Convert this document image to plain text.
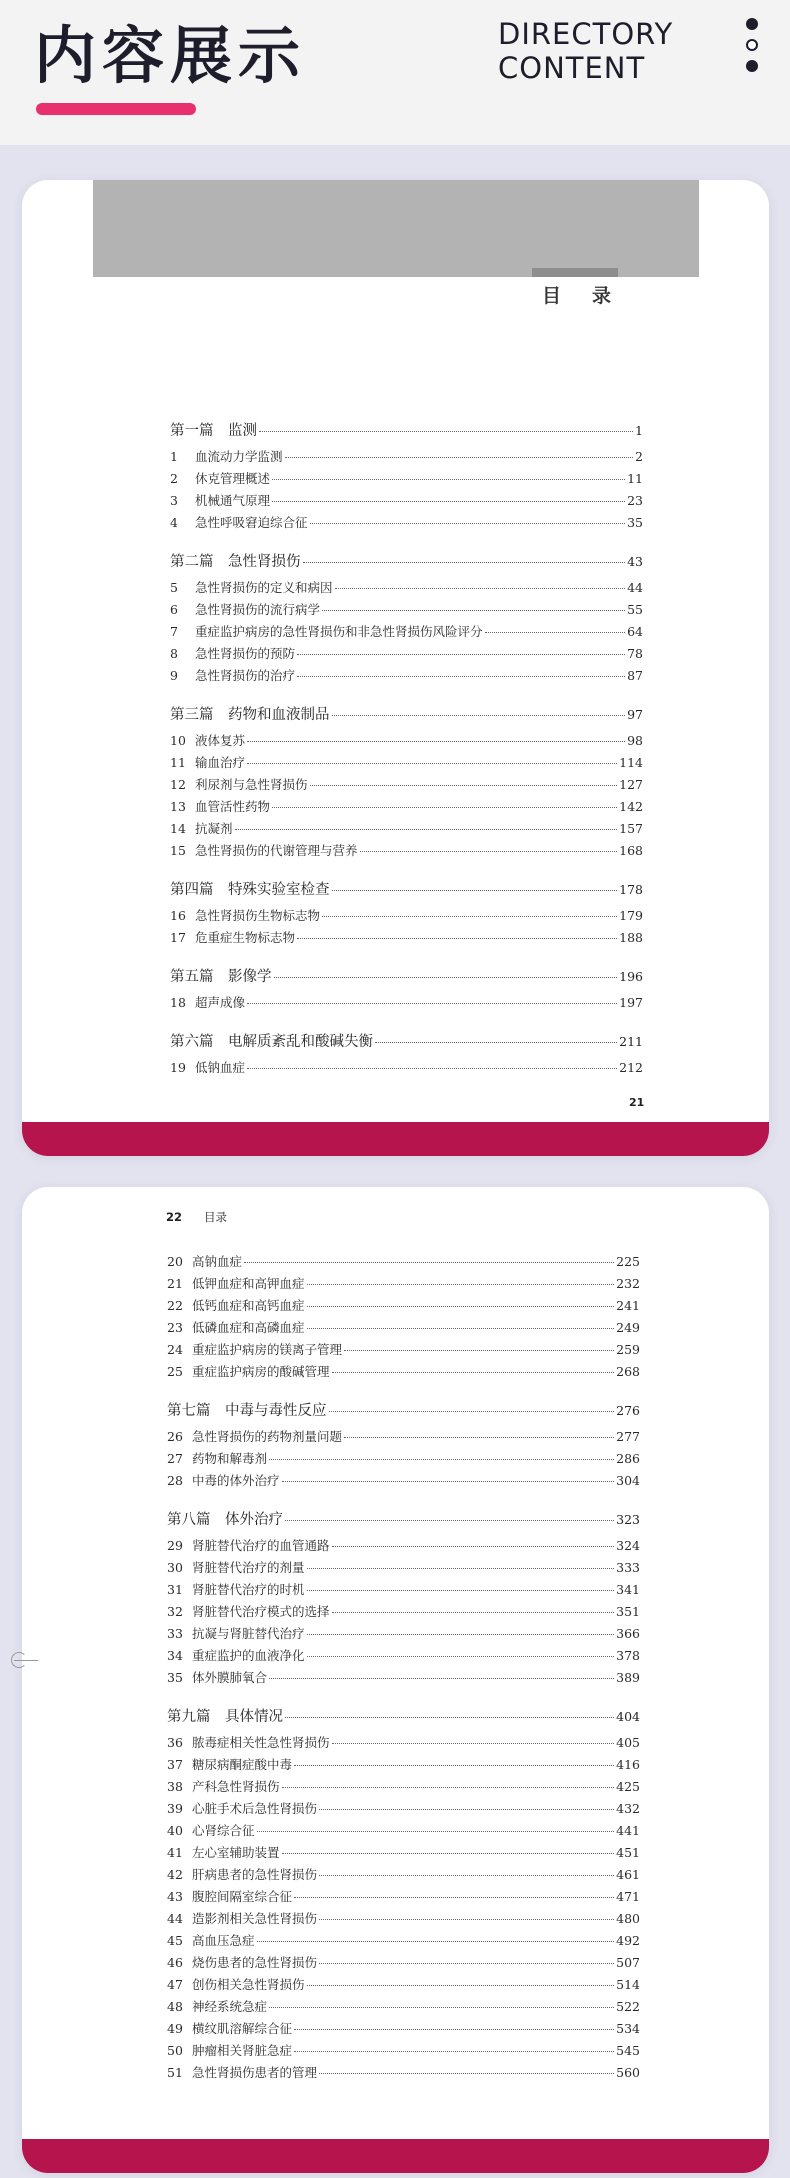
内容展示	DIRECTORY
CONTENT
目　录
第一篇　监测	1
1	血流动力学监测	2
2	休克管理概述	11
3	机械通气原理	23
4	急性呼吸窘迫综合征	35
第二篇　急性肾损伤	43
5	急性肾损伤的定义和病因	44
6	急性肾损伤的流行病学	55
7	重症监护病房的急性肾损伤和非急性肾损伤风险评分	64
8	急性肾损伤的预防	78
9	急性肾损伤的治疗	87
第三篇　药物和血液制品	97
10 液体复苏	98
11 输血治疗	114
12 利尿剂与急性肾损伤	127
13 血管活性药物	142
14 抗凝剂	157
15 急性肾损伤的代谢管理与营养	168
第四篇　特殊实验室检查	178
16 急性肾损伤生物标志物	179
17 危重症生物标志物	188
第五篇　影像学	196
18 超声成像	197
第六篇　电解质紊乱和酸碱失衡	211
19 低钠血症	212
21
22 目录
20 高钠血症	225
21 低钾血症和高钾血症	232
22 低钙血症和高钙血症	241
23 低磷血症和高磷血症	249
24 重症监护病房的镁离子管理	259
25 重症监护病房的酸碱管理	268
第七篇　中毒与毒性反应	276
26 急性肾损伤的药物剂量问题	277
27 药物和解毒剂	286
28 中毒的体外治疗	304
第八篇　体外治疗	323
29 肾脏替代治疗的血管通路	324
30 肾脏替代治疗的剂量	333
31 肾脏替代治疗的时机	341
32 肾脏替代治疗模式的选择	351
33 抗凝与肾脏替代治疗	366
34 重症监护的血液净化	378
35 体外膜肺氧合	389
第九篇　具体情况	404
36 脓毒症相关性急性肾损伤	405
37 糖尿病酮症酸中毒	416
38 产科急性肾损伤	425
39 心脏手术后急性肾损伤	432
40 心肾综合征	441
41 左心室辅助装置	451
42 肝病患者的急性肾损伤	461
43 腹腔间隔室综合征	471
44 造影剂相关急性肾损伤	480
45 高血压急症	492
46 烧伤患者的急性肾损伤	507
47 创伤相关急性肾损伤	514
48 神经系统急症	522
49 横纹肌溶解综合征	534
50 肿瘤相关肾脏急症	545
51 急性肾损伤患者的管理	560
